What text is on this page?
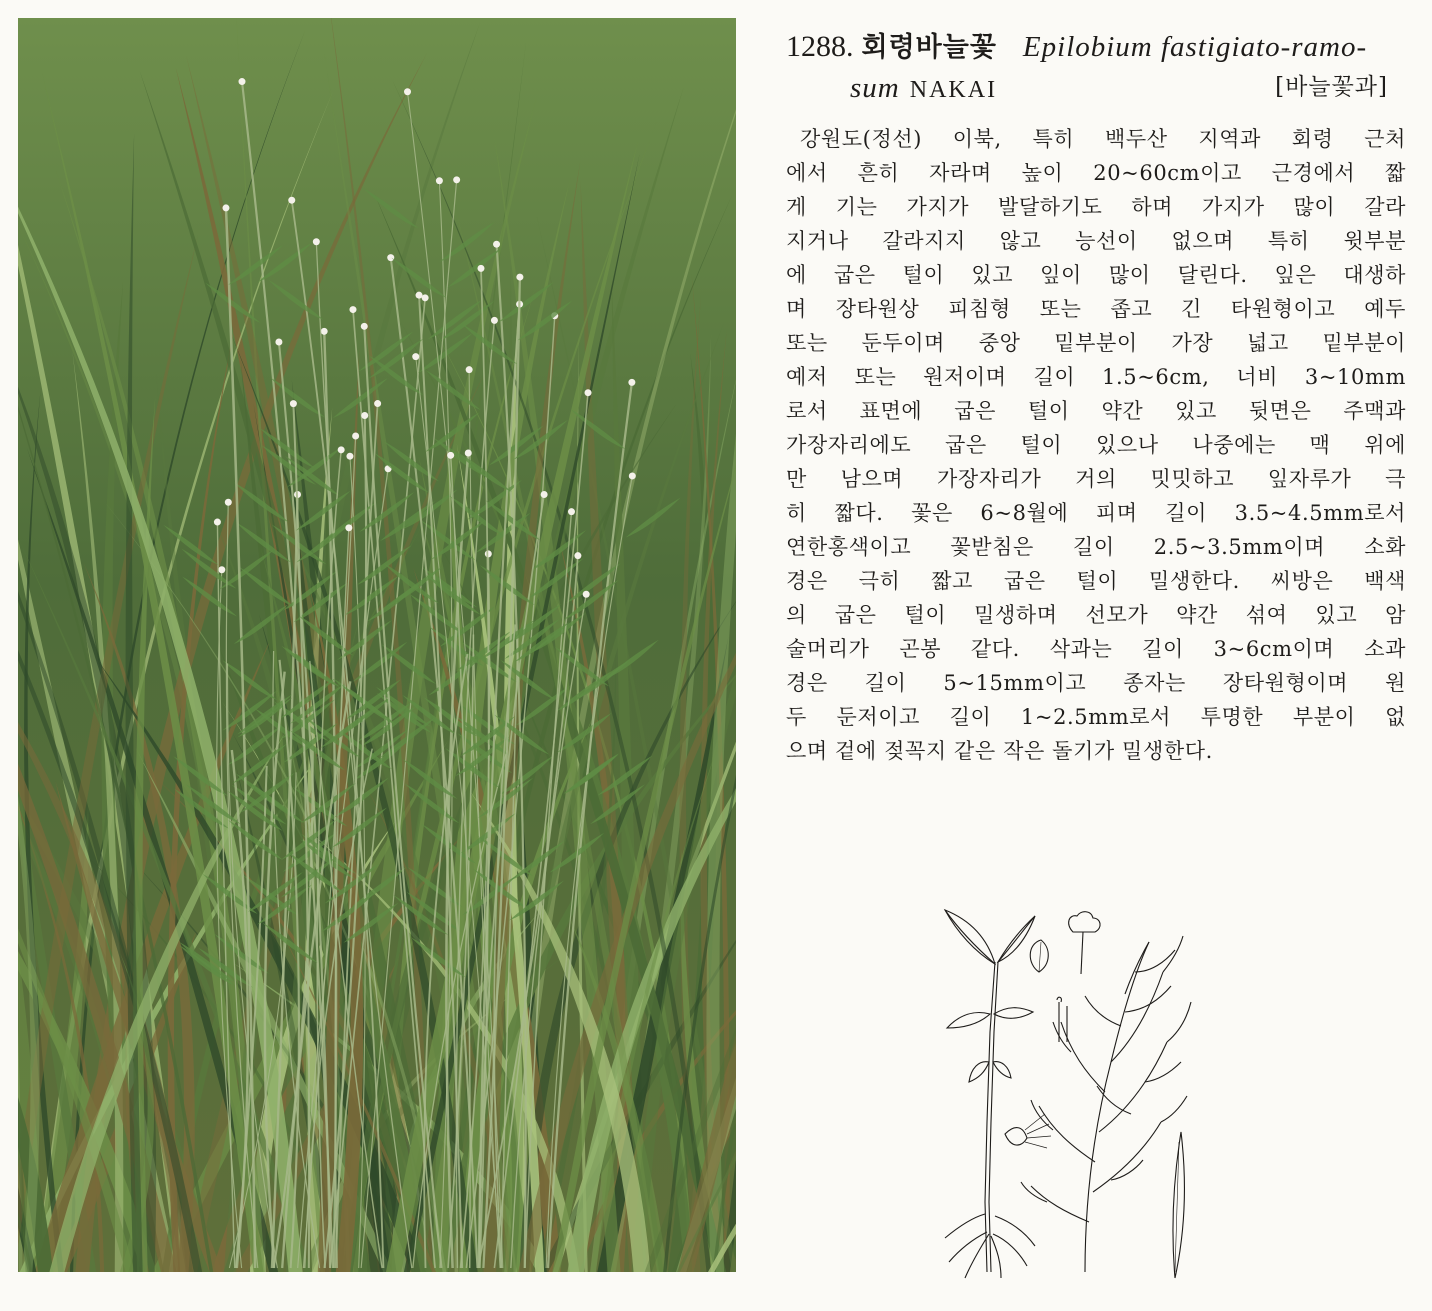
1288. 회령바늘꽃 Epilobium fastigiato-ramo-
sum NAKAI	[바늘꽃과]
강원도(정선) 이북, 특히 백두산 지역과 회령 근처
에서 흔히 자라며 높이 20~60cm이고 근경에서 짧
게 기는 가지가 발달하기도 하며 가지가 많이 갈라
지거나 갈라지지 않고 능선이 없으며 특히 윗부분
에 굽은 털이 있고 잎이 많이 달린다. 잎은 대생하
며 장타원상 피침형 또는 좁고 긴 타원형이고 예두
또는 둔두이며 중앙 밑부분이 가장 넓고 밑부분이
예저 또는 원저이며 길이 1.5~6cm, 너비 3~10mm
로서 표면에 굽은 털이 약간 있고 뒷면은 주맥과
가장자리에도 굽은 털이 있으나 나중에는 맥 위에
만 남으며 가장자리가 거의 밋밋하고 잎자루가 극
히 짧다. 꽃은 6~8월에 피며 길이 3.5~4.5mm로서
연한홍색이고 꽃받침은 길이 2.5~3.5mm이며 소화
경은 극히 짧고 굽은 털이 밀생한다. 씨방은 백색
의 굽은 털이 밀생하며 선모가 약간 섞여 있고 암
술머리가 곤봉 같다. 삭과는 길이 3~6cm이며 소과
경은 길이 5~15mm이고 종자는 장타원형이며 원
두 둔저이고 길이 1~2.5mm로서 투명한 부분이 없
으며 겉에 젖꼭지 같은 작은 돌기가 밀생한다.
